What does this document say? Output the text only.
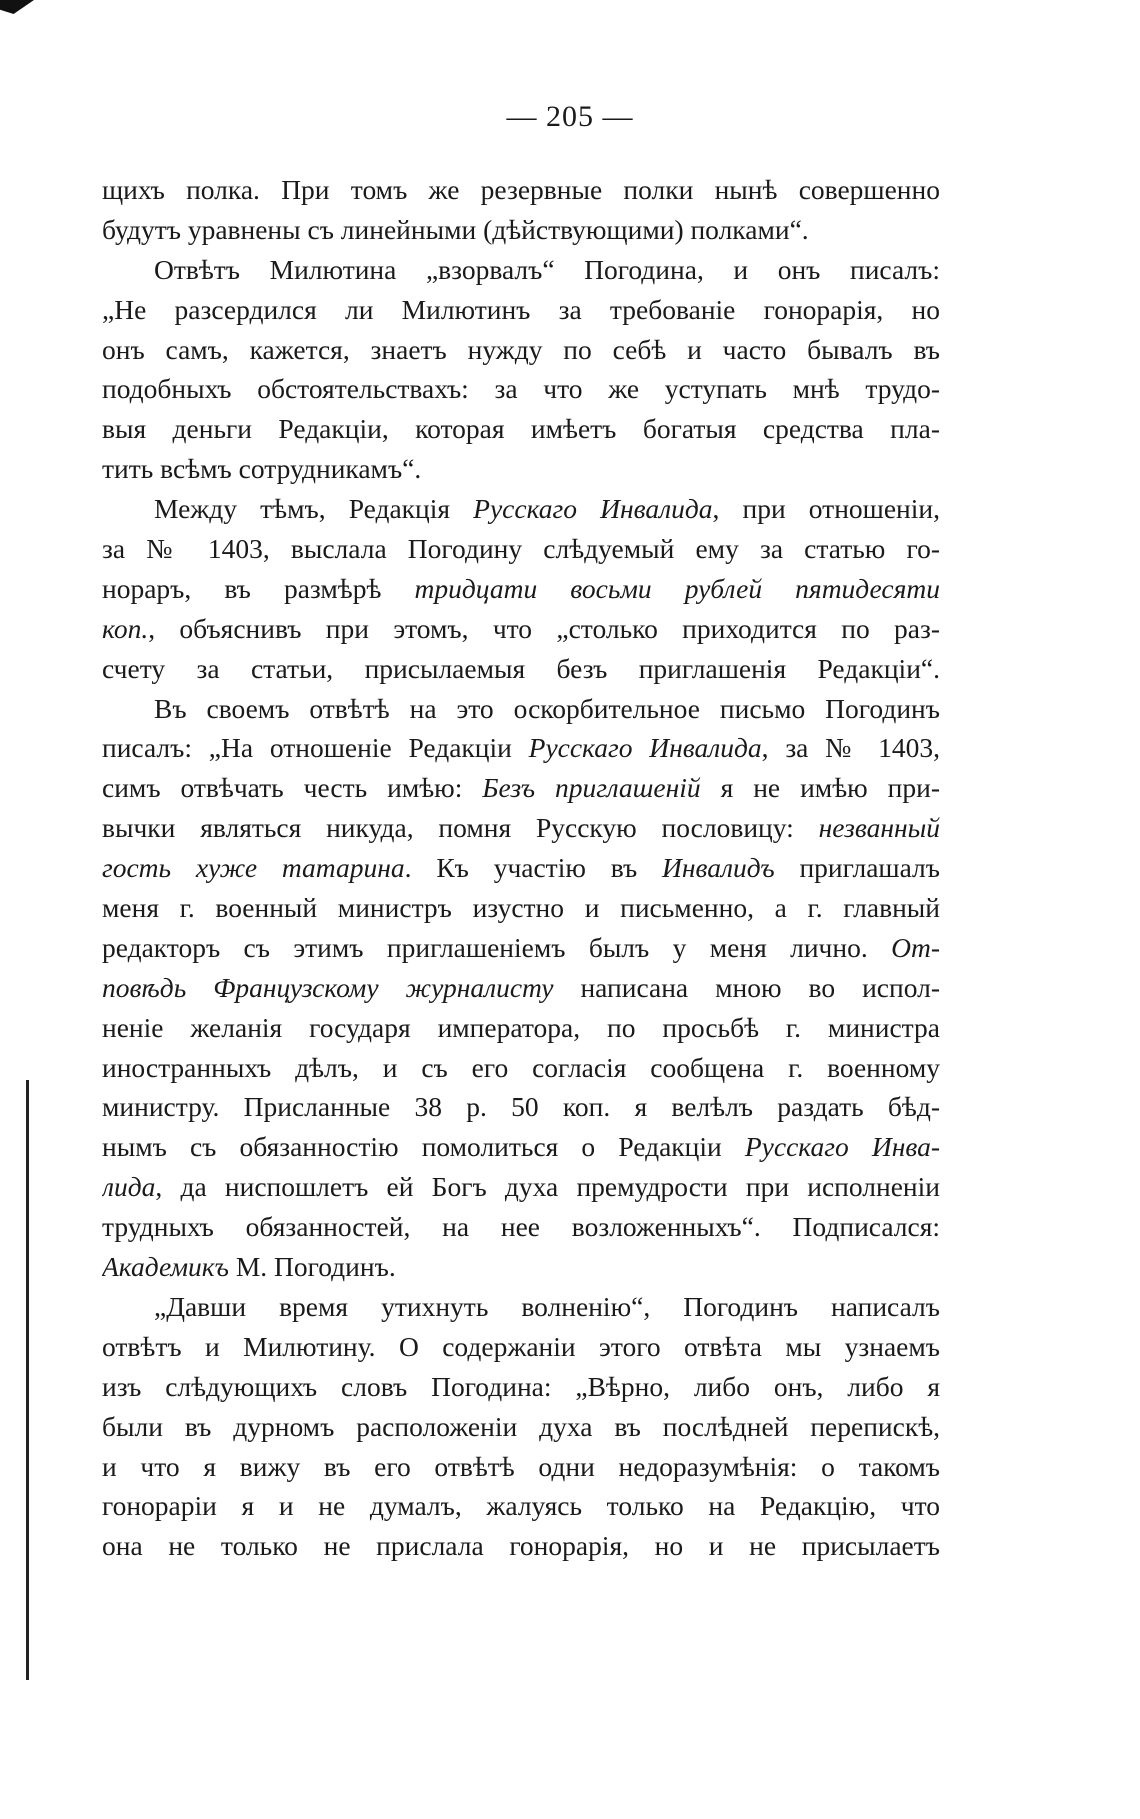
— 205 —
щихъ полка. При томъ же резервные полки нынѣ совершенно
будутъ уравнены съ линейными (дѣйствующими) полками“.
Отвѣтъ Милютина „взорвалъ“ Погодина, и онъ писалъ:
„Не разсердился ли Милютинъ за требованіе гонорарія, но
онъ самъ, кажется, знаетъ нужду по себѣ и часто бывалъ въ
подобныхъ обстоятельствахъ: за что же уступать мнѣ трудо-
выя деньги Редакціи, которая имѣетъ богатыя средства пла-
тить всѣмъ сотрудникамъ“.
Между тѣмъ, Редакція Русскаго Инвалида, при отношеніи,
за № 1403, выслала Погодину слѣдуемый ему за статью го-
нораръ, въ размѣрѣ тридцати восьми рублей пятидесяти
коп., объяснивъ при этомъ, что „столько приходится по раз-
счету за статьи, присылаемыя безъ приглашенія Редакціи“.
Въ своемъ отвѣтѣ на это оскорбительное письмо Погодинъ
писалъ: „На отношеніе Редакціи Русскаго Инвалида, за № 1403,
симъ отвѣчать честь имѣю: Безъ приглашеній я не имѣю при-
вычки являться никуда, помня Русскую пословицу: незванный
гость хуже татарина. Къ участію въ Инвалидъ приглашалъ
меня г. военный министръ изустно и письменно, а г. главный
редакторъ съ этимъ приглашеніемъ былъ у меня лично. От-
повѣдь Французскому журналисту написана мною во испол-
неніе желанія государя императора, по просьбѣ г. министра
иностранныхъ дѣлъ, и съ его согласія сообщена г. военному
министру. Присланные 38 р. 50 коп. я велѣлъ раздать бѣд-
нымъ съ обязанностію помолиться о Редакціи Русскаго Инва-
лида, да ниспошлетъ ей Богъ духа премудрости при исполненіи
трудныхъ обязанностей, на нее возложенныхъ“. Подписался:
Академикъ М. Погодинъ.
„Давши время утихнуть волненію“, Погодинъ написалъ
отвѣтъ и Милютину. О содержаніи этого отвѣта мы узнаемъ
изъ слѣдующихъ словъ Погодина: „Вѣрно, либо онъ, либо я
были въ дурномъ расположеніи духа въ послѣдней перепискѣ,
и что я вижу въ его отвѣтѣ одни недоразумѣнія: о такомъ
гонораріи я и не думалъ, жалуясь только на Редакцію, что
она не только не прислала гонорарія, но и не присылаетъ
